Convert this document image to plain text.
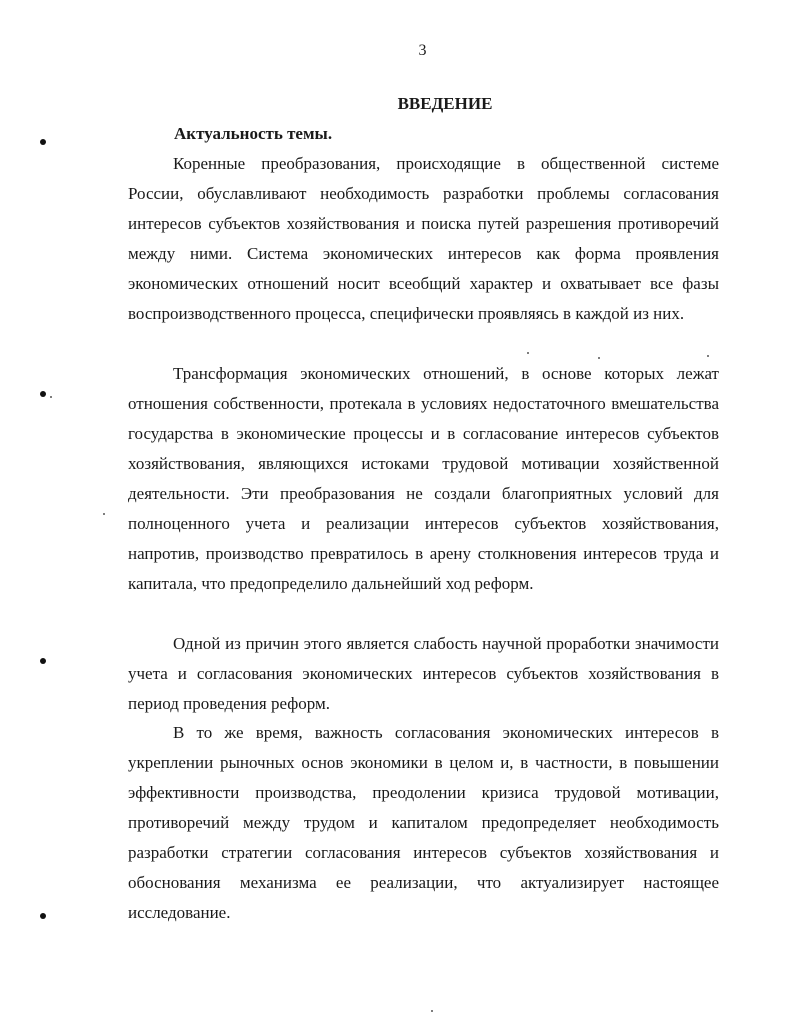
3
ВВЕДЕНИЕ
Актуальность темы.

Коренные преобразования, происходящие в общественной системе России, обуславливают необходимость разработки проблемы согласования интересов субъектов хозяйствования и поиска путей разрешения противоречий между ними. Система экономических интересов как форма проявления экономических отношений носит всеобщий характер и охватывает все фазы воспроизводственного процесса, специфически проявляясь в каждой из них.

Трансформация экономических отношений, в основе которых лежат отношения собственности, протекала в условиях недостаточного вмешательства государства в экономические процессы и в согласование интересов субъектов хозяйствования, являющихся истоками трудовой мотивации хозяйственной деятельности. Эти преобразования не создали благоприятных условий для полноценного учета и реализации интересов субъектов хозяйствования, напротив, производство превратилось в арену столкновения интересов труда и капитала, что предопределило дальнейший ход реформ.

Одной из причин этого является слабость научной проработки значимости учета и согласования экономических интересов субъектов хозяйствования в период проведения реформ.

В то же время, важность согласования экономических интересов в укреплении рыночных основ экономики в целом и, в частности, в повышении эффективности производства, преодолении кризиса трудовой мотивации, противоречий между трудом и капиталом предопределяет необходимость разработки стратегии согласования интересов субъектов хозяйствования и обоснования механизма ее реализации, что актуализирует настоящее исследование.
